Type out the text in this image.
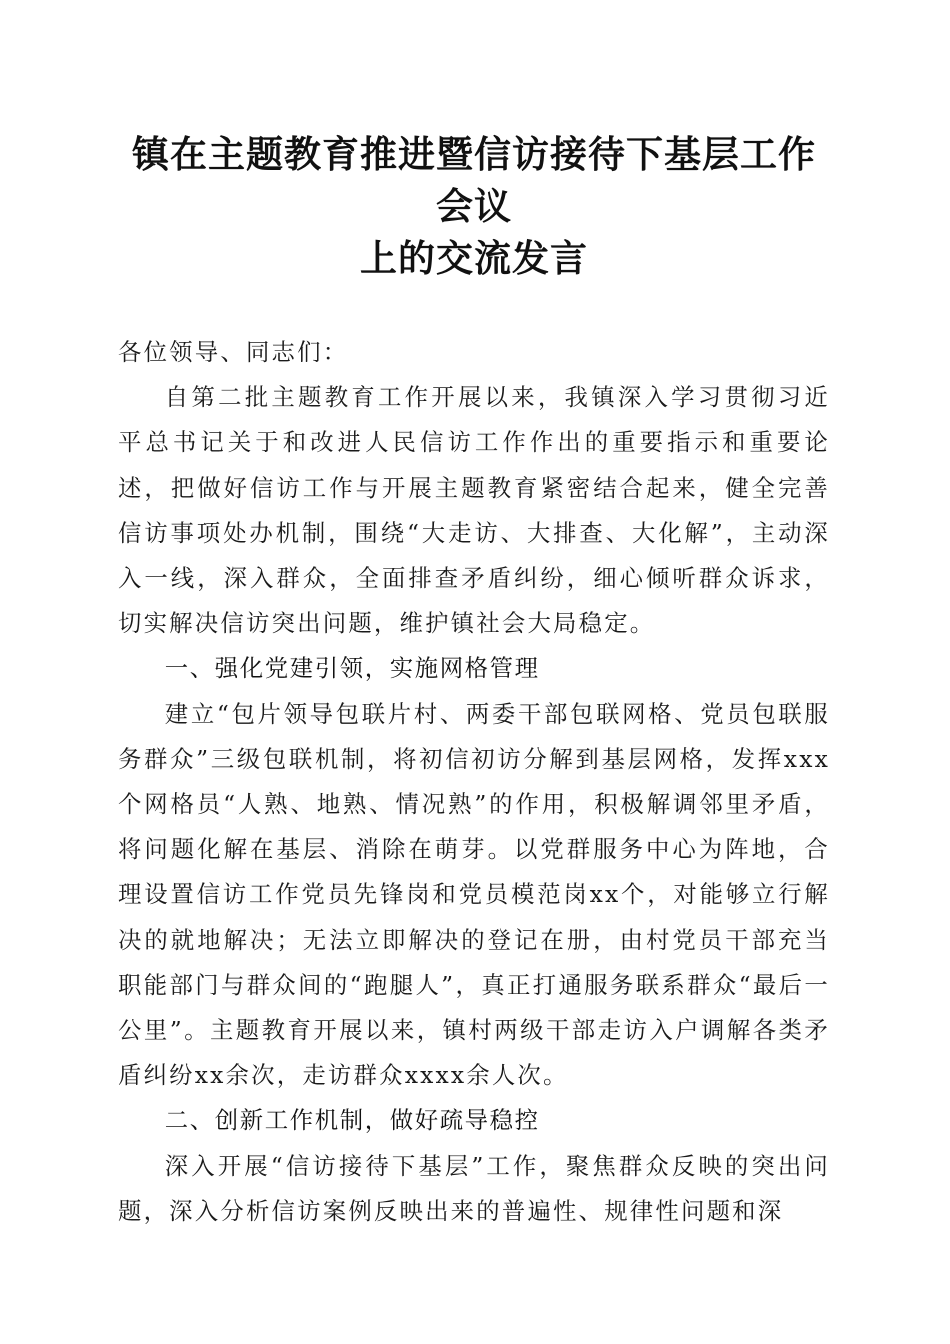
镇在主题教育推进暨信访接待下基层工作会议
上的交流发言

各位领导、同志们：

自第二批主题教育工作开展以来，我镇深入学习贯彻习近平总书记关于和改进人民信访工作作出的重要指示和重要论述，把做好信访工作与开展主题教育紧密结合起来，健全完善信访事项处办机制，围绕“大走访、大排查、大化解”，主动深入一线，深入群众，全面排查矛盾纠纷，细心倾听群众诉求，切实解决信访突出问题，维护镇社会大局稳定。

一、强化党建引领，实施网格管理

建立“包片领导包联片村、两委干部包联网格、党员包联服务群众”三级包联机制，将初信初访分解到基层网格，发挥xxx个网格员“人熟、地熟、情况熟”的作用，积极解调邻里矛盾，将问题化解在基层、消除在萌芽。以党群服务中心为阵地，合理设置信访工作党员先锋岗和党员模范岗xx个，对能够立行解决的就地解决；无法立即解决的登记在册，由村党员干部充当职能部门与群众间的“跑腿人”，真正打通服务联系群众“最后一公里”。主题教育开展以来，镇村两级干部走访入户调解各类矛盾纠纷xx余次，走访群众xxxx余人次。

二、创新工作机制，做好疏导稳控

深入开展“信访接待下基层”工作，聚焦群众反映的突出问题，深入分析信访案例反映出来的普遍性、规律性问题和深
